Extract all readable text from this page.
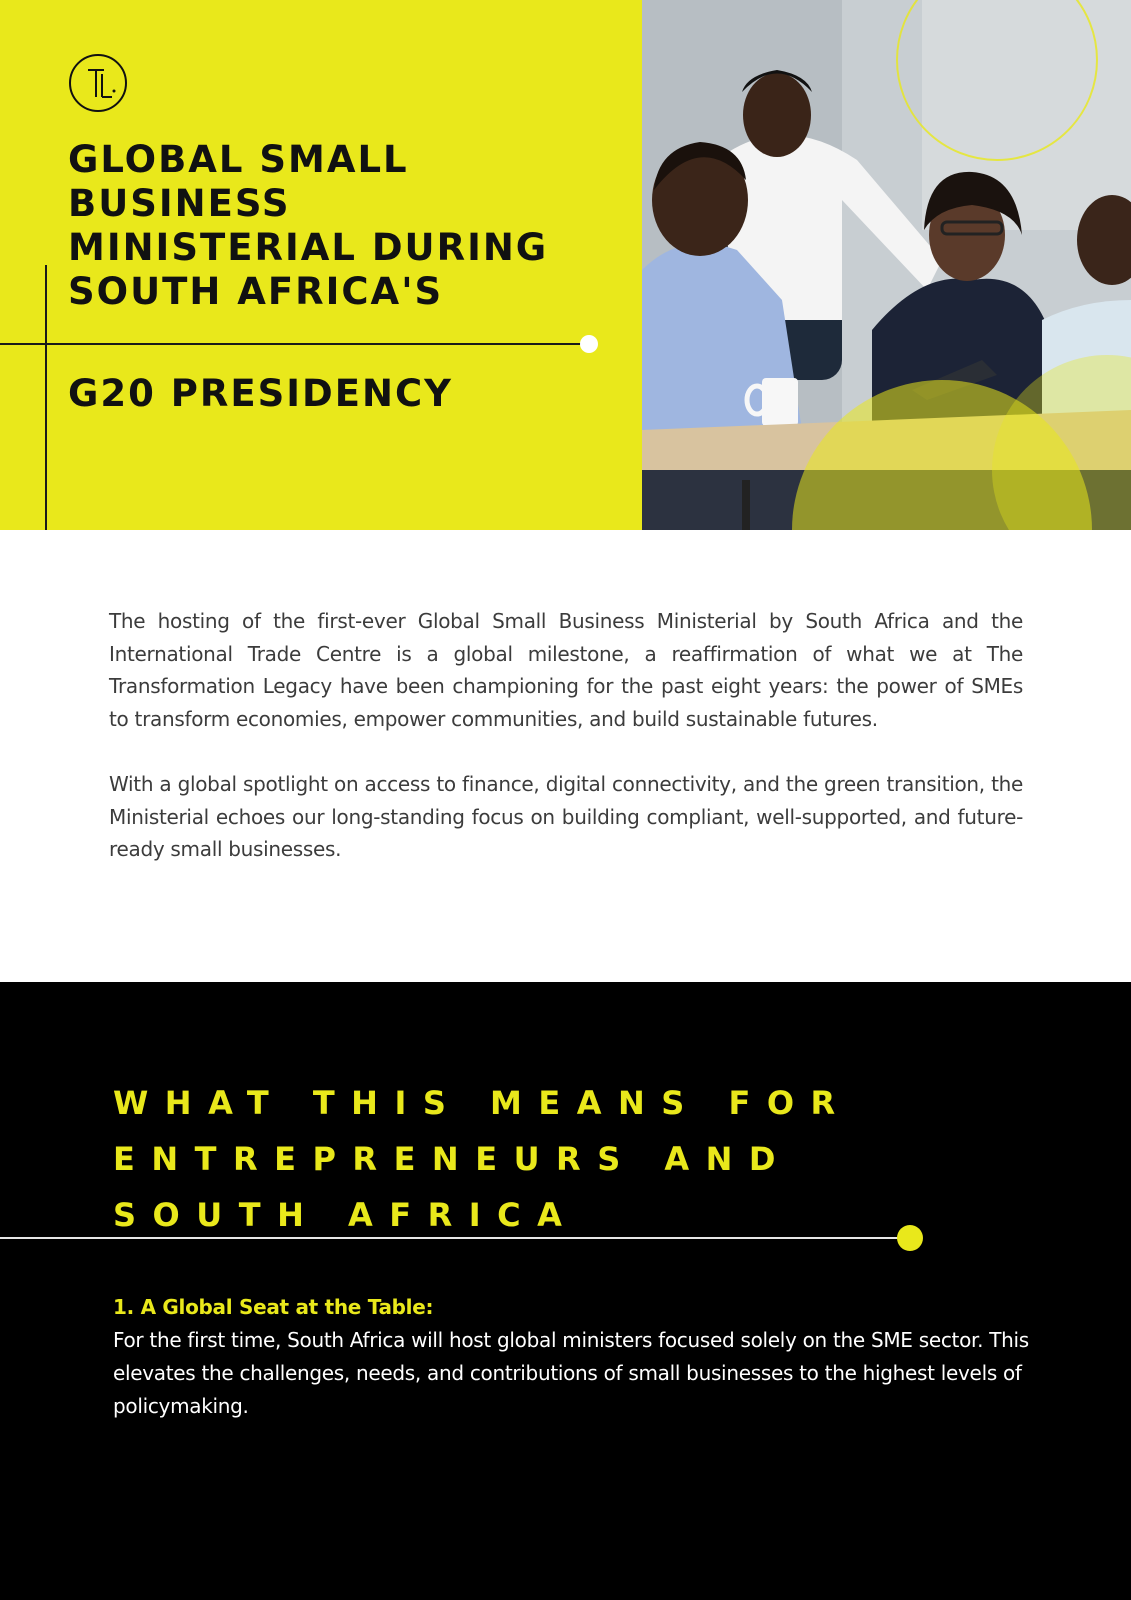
GLOBAL SMALL BUSINESS MINISTERIAL DURING SOUTH AFRICA'S
G20 PRESIDENCY

The hosting of the first-ever Global Small Business Ministerial by South Africa and the International Trade Centre is a global milestone, a reaffirmation of what we at The Transformation Legacy have been championing for the past eight years: the power of SMEs to transform economies, empower communities, and build sustainable futures.

With a global spotlight on access to finance, digital connectivity, and the green transition, the Ministerial echoes our long-standing focus on building compliant, well-supported, and future-ready small businesses.

WHAT THIS MEANS FOR ENTREPRENEURS AND SOUTH AFRICA

1. A Global Seat at the Table:

For the first time, South Africa will host global ministers focused solely on the SME sector. This elevates the challenges, needs, and contributions of small businesses to the highest levels of policymaking.
